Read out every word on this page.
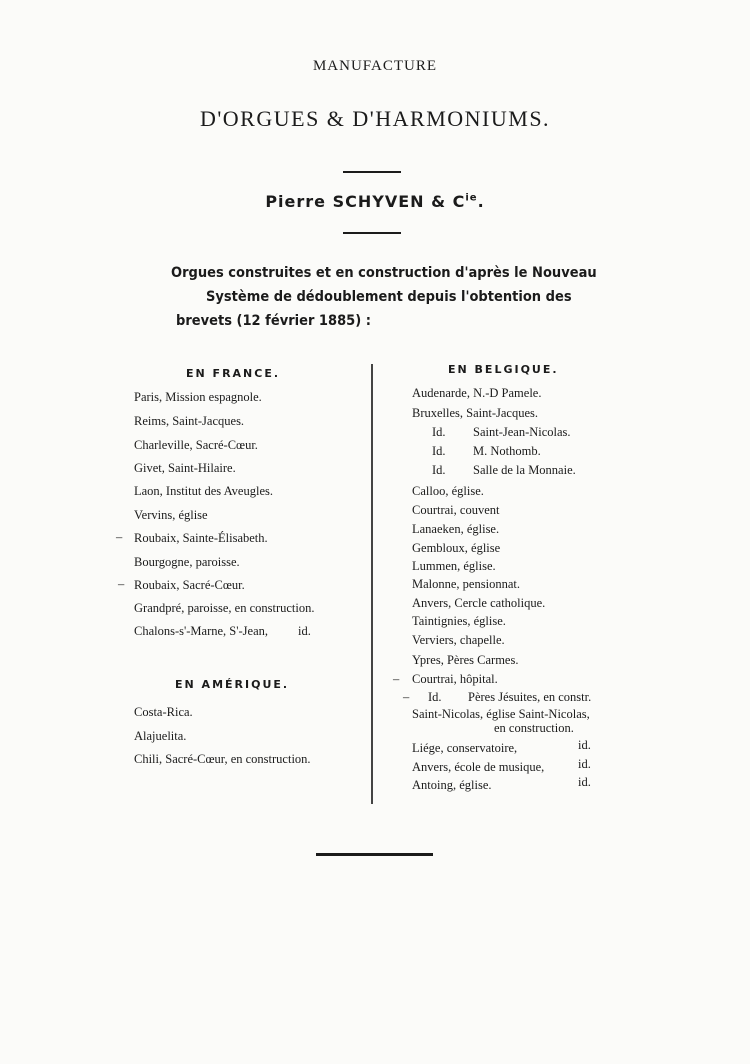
MANUFACTURE
D'ORGUES & D'HARMONIUMS.
Pierre SCHYVEN & $C^{ie}$.
Orgues construites et en construction d'après le Nouveau
Système de dédoublement depuis l'obtention des
brevets (12 février 1885) :
EN FRANCE.
Paris, Mission espagnole.
Reims, Saint-Jacques.
Charleville, Sacré-Cœur.
Givet, Saint-Hilaire.
Laon, Institut des Aveugles.
Vervins, église
– Roubaix, Sainte-Élisabeth.
Bourgogne, paroisse.
– Roubaix, Sacré-Cœur.
Grandpré, paroisse, en construction.
Chalons-s'-Marne, S'-Jean, id.
EN AMÉRIQUE.
Costa-Rica.
Alajuelita.
Chili, Sacré-Cœur, en construction.
EN BELGIQUE.
Audenarde, N.-D Pamele.
Bruxelles, Saint-Jacques.
Id. Saint-Jean-Nicolas.
Id. M. Nothomb.
Id. Salle de la Monnaie.
Calloo, église.
Courtrai, couvent
Lanaeken, église.
Gembloux, église
Lummen, église.
Malonne, pensionnat.
Anvers, Cercle catholique.
Taintignies, église.
Verviers, chapelle.
Ypres, Pères Carmes.
– Courtrai, hôpital.
– Id. Pères Jésuites, en constr.
Saint-Nicolas, église Saint-Nicolas,
en construction.
Liége, conservatoire,	id.
Anvers, école de musique,	id.
Antoing, église.	id.
